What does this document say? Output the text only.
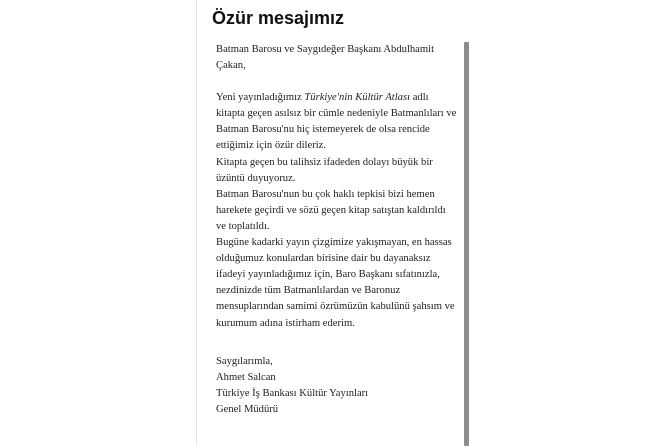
Özür mesajımız

Batman Barosu ve Saygıdeğer Başkanı Abdulhamit
Çakan,

Yeni yayınladığımız Türkiye'nin Kültür Atlası adlı
kitapta geçen asılsız bir cümle nedeniyle Batmanlıları ve
Batman Barosu'nu hiç istemeyerek de olsa rencide
ettiğimiz için özür dileriz.

Kitapta geçen bu talihsiz ifadeden dolayı büyük bir
üzüntü duyuyoruz.

Batman Barosu'nun bu çok haklı tepkisi bizi hemen
harekete geçirdi ve sözü geçen kitap satıştan kaldırıldı
ve toplatıldı.

Bugüne kadarki yayın çizgimize yakışmayan, en hassas
olduğumuz konulardan birisine dair bu dayanaksız
ifadeyi yayınladığımız için, Baro Başkanı sıfatınızla,
nezdinizde tüm Batmanlılardan ve Baronuz
mensuplarından samimi özrümüzün kabulünü şahsım ve
kurumum adına istirham ederim.

Saygılarımla,
Ahmet Salcan
Türkiye İş Bankası Kültür Yayınları
Genel Müdürü
